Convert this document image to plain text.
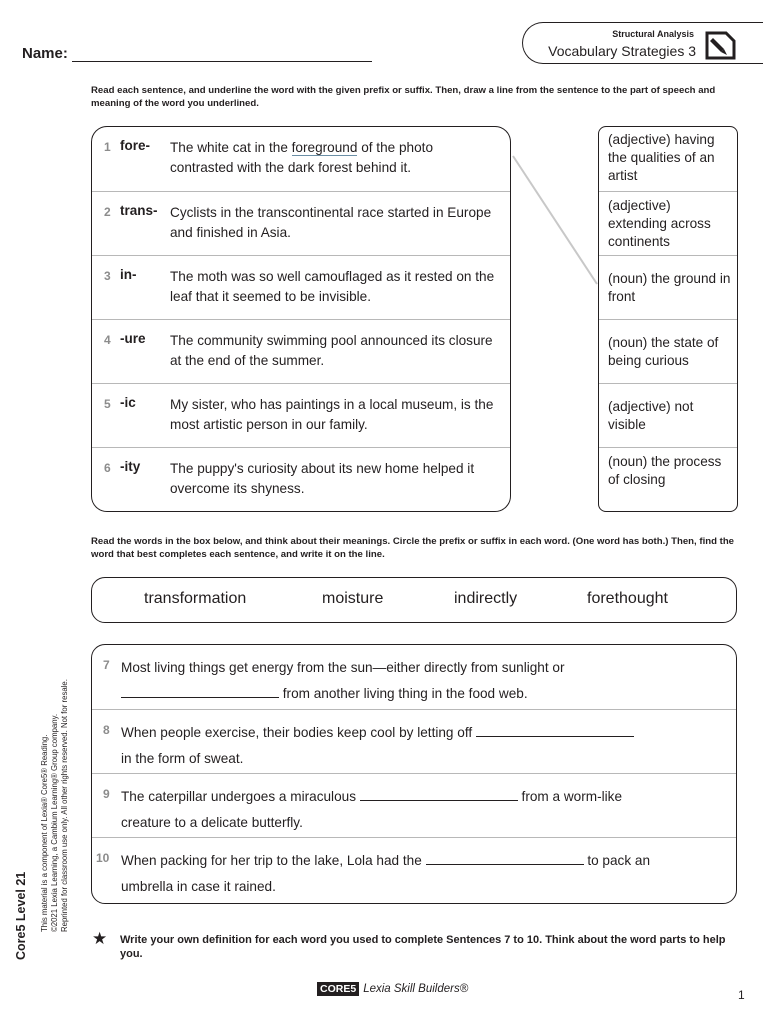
Name:
Structural Analysis
Vocabulary Strategies 3
Read each sentence, and underline the word with the given prefix or suffix. Then, draw a line from the sentence to the part of speech and meaning of the word you underlined.
1 fore- The white cat in the foreground of the photo contrasted with the dark forest behind it.
2 trans- Cyclists in the transcontinental race started in Europe and finished in Asia.
3 in- The moth was so well camouflaged as it rested on the leaf that it seemed to be invisible.
4 -ure The community swimming pool announced its closure at the end of the summer.
5 -ic	My sister, who has paintings in a local museum, is the most artistic person in our family.
6 -ity The puppy's curiosity about its new home helped it overcome its shyness.
(adjective) having the qualities of an artist
(adjective) extending across continents
(noun) the ground in front
(noun) the state of being curious
(adjective) not visible
(noun) the process of closing
Read the words in the box below, and think about their meanings. Circle the prefix or suffix in each word. (One word has both.) Then, find the word that best completes each sentence, and write it on the line.
transformation	moisture	indirectly	forethought
7 Most living things get energy from the sun—either directly from sunlight or
from another living thing in the food web.
8 When people exercise, their bodies keep cool by letting off
in the form of sweat.
9 The caterpillar undergoes a miraculous	from a worm-like
creature to a delicate butterfly.
10 When packing for her trip to the lake, Lola had the	to pack an
umbrella in case it rained.
★ Write your own definition for each word you used to complete Sentences 7 to 10. Think about the word parts to help you.
Core5 Level 21 This material is a component of Lexia® Core5® Reading. ©2021 Lexia Learning, a Cambium Learning® Group company. Reprinted for classroom use only. All other rights reserved. Not for resale.
CORE5 Lexia Skill Builders®	1
